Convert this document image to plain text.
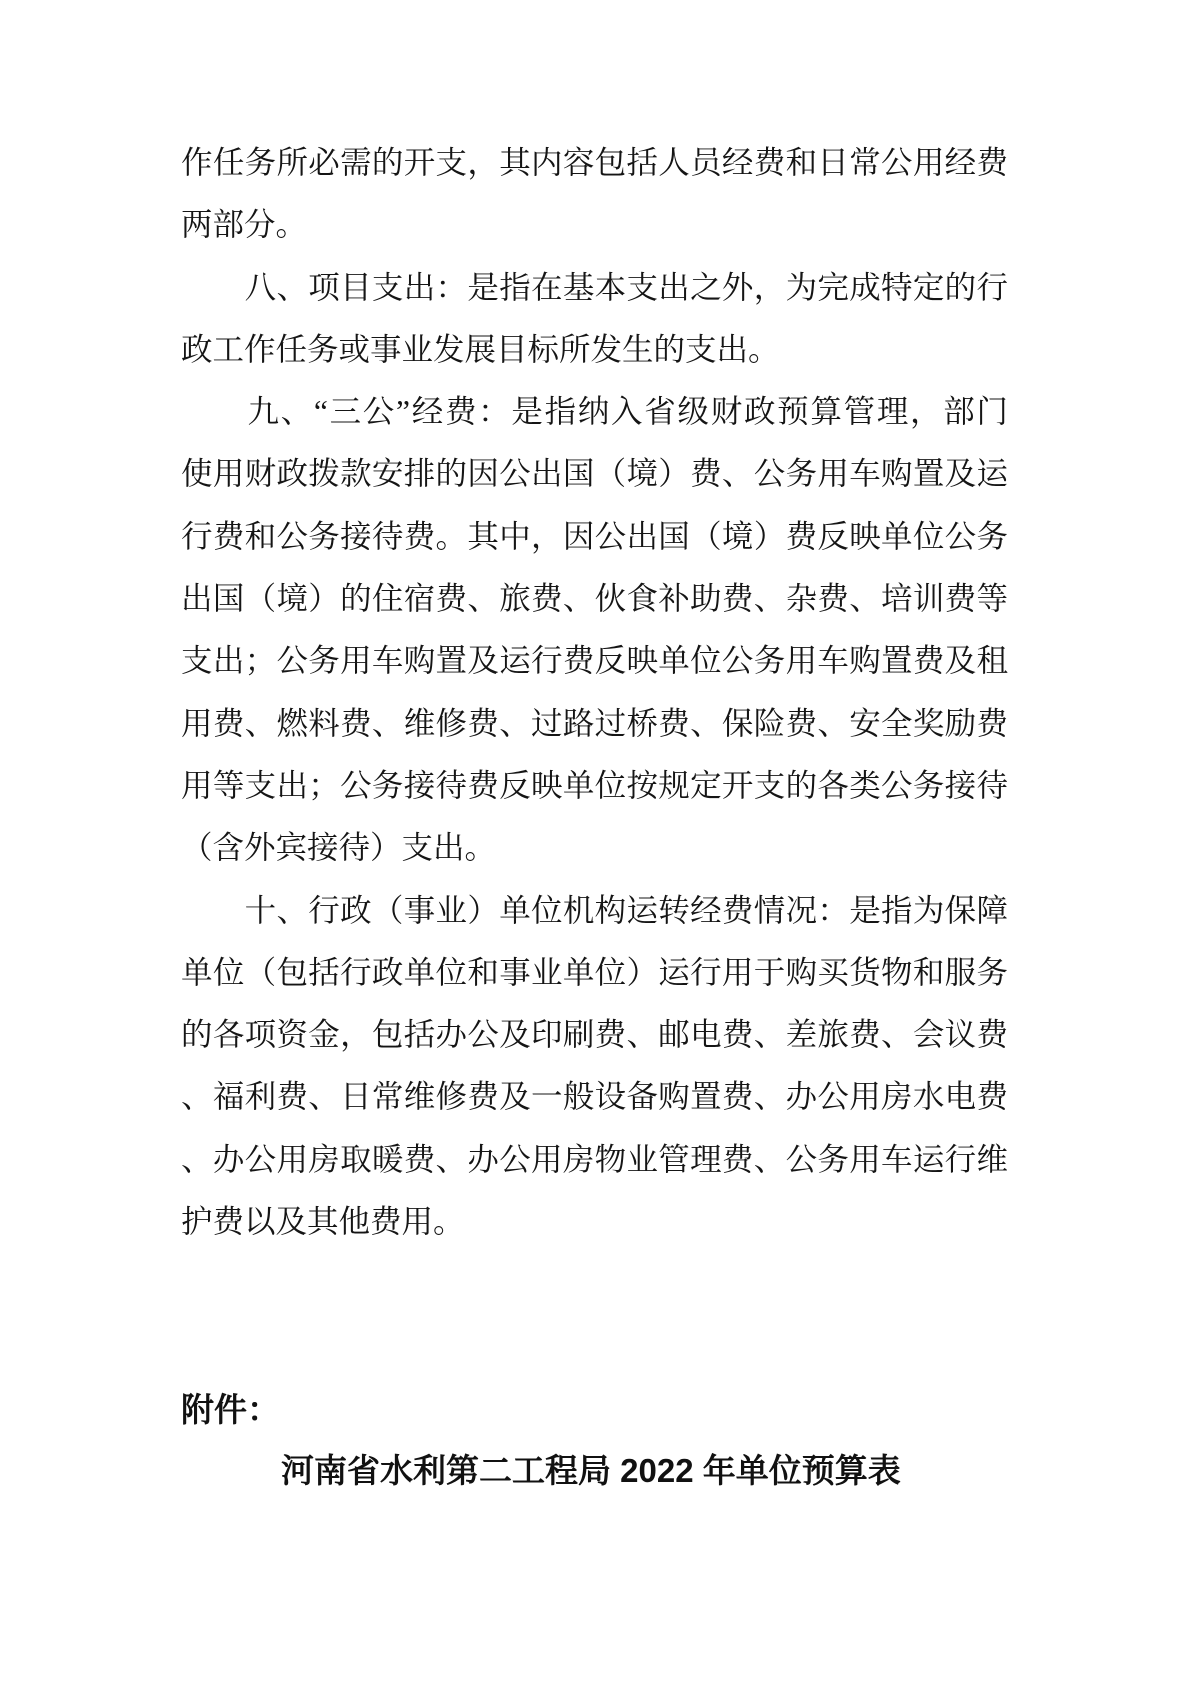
作任务所必需的开支，其内容包括人员经费和日常公用经费
两部分。
　　八、项目支出：是指在基本支出之外，为完成特定的行
政工作任务或事业发展目标所发生的支出。
　　九、“三公”经费：是指纳入省级财政预算管理，部门
使用财政拨款安排的因公出国（境）费、公务用车购置及运
行费和公务接待费。其中，因公出国（境）费反映单位公务
出国（境）的住宿费、旅费、伙食补助费、杂费、培训费等
支出；公务用车购置及运行费反映单位公务用车购置费及租
用费、燃料费、维修费、过路过桥费、保险费、安全奖励费
用等支出；公务接待费反映单位按规定开支的各类公务接待
（含外宾接待）支出。
　　十、行政（事业）单位机构运转经费情况：是指为保障
单位（包括行政单位和事业单位）运行用于购买货物和服务
的各项资金，包括办公及印刷费、邮电费、差旅费、会议费
、福利费、日常维修费及一般设备购置费、办公用房水电费
、办公用房取暖费、办公用房物业管理费、公务用车运行维
护费以及其他费用。
附件：
河南省水利第二工程局 2022 年单位预算表
